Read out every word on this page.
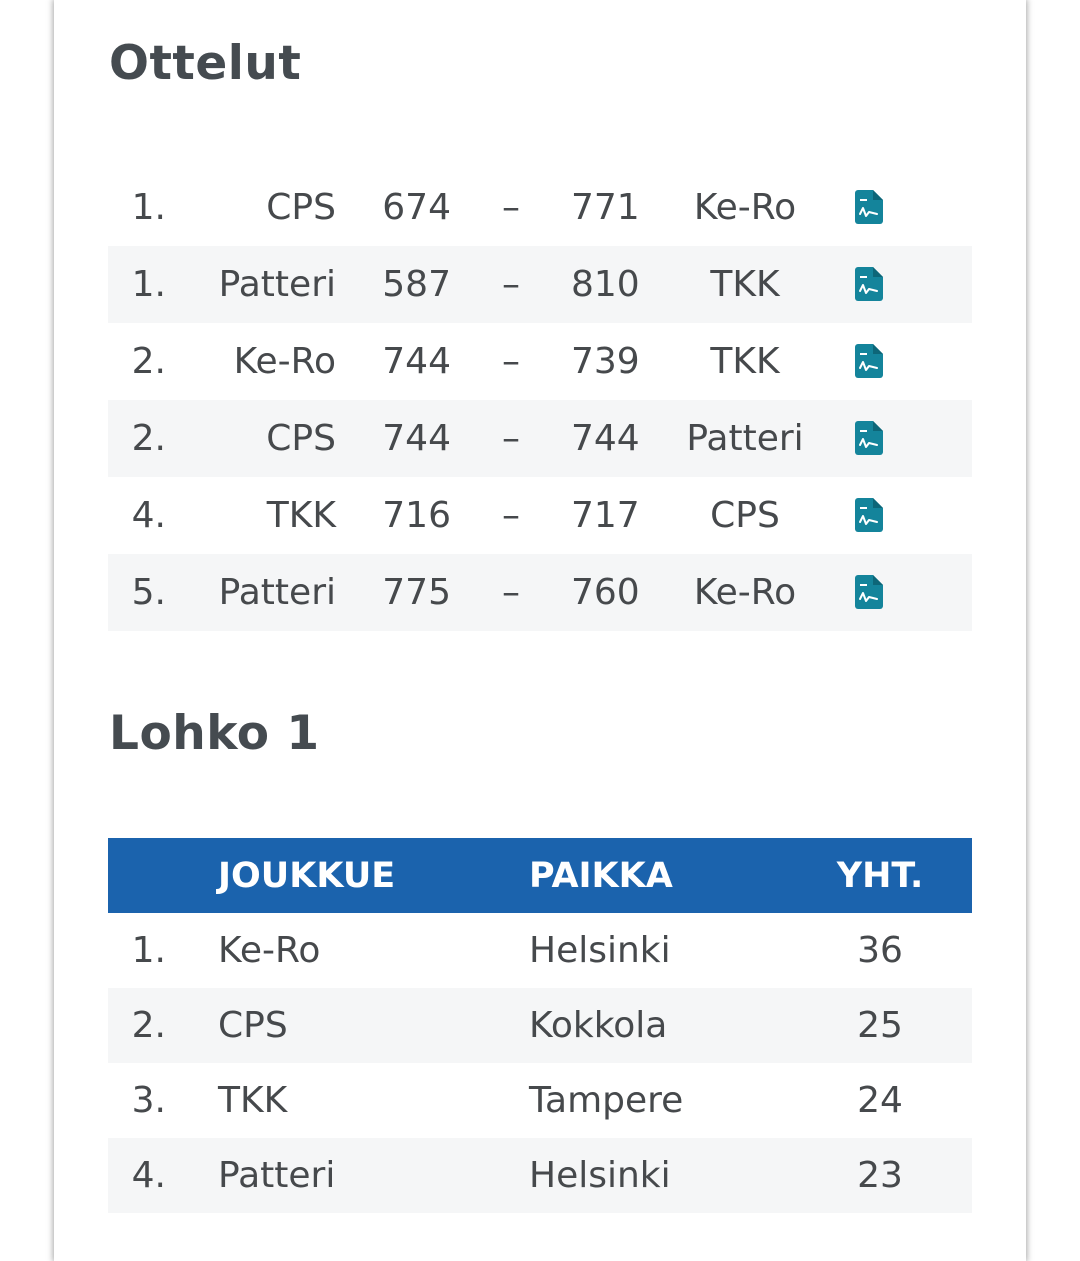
Ottelut
1.	CPS 674 – 771 Ke-Ro
1. Patteri 587 – 810 TKK
2. Ke-Ro 744 – 739 TKK
2.	CPS 744 – 744 Patteri
4.	TKK 716 – 717 CPS
5. Patteri 775 – 760 Ke-Ro
Lohko 1
JOUKKUE	PAIKKA	YHT.
1. Ke-Ro	Helsinki	36
2. CPS	Kokkola	25
3. TKK	Tampere	24
4. Patteri	Helsinki	23
